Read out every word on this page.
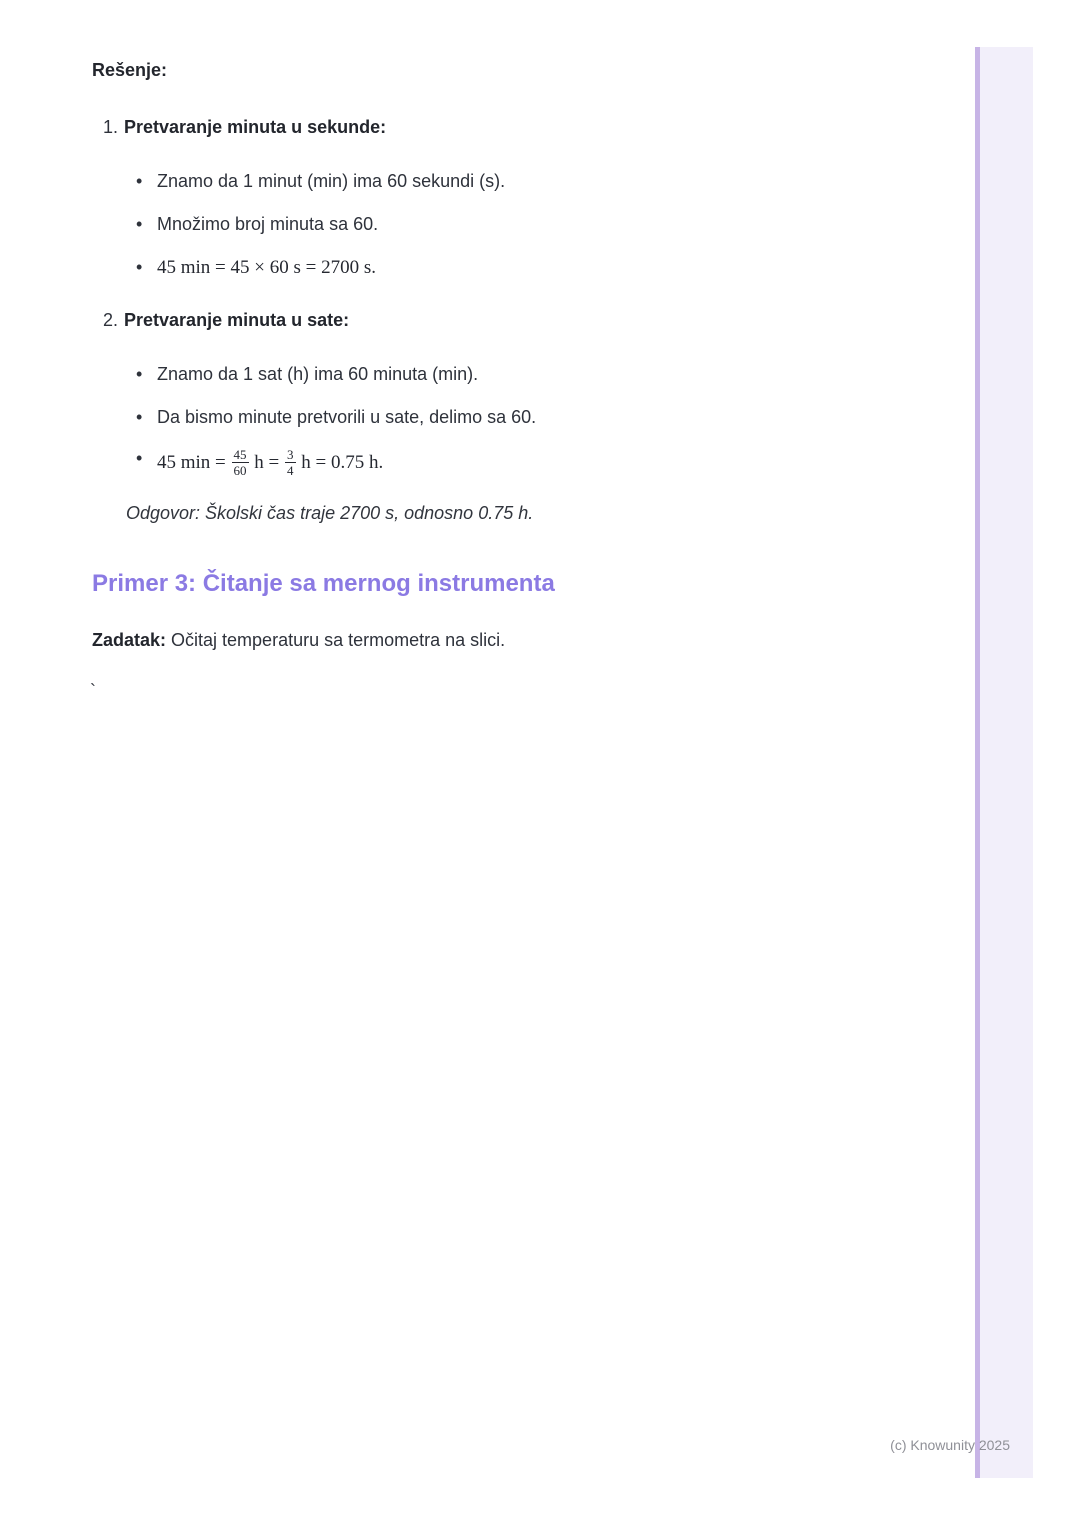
Rešenje:

1. Pretvaranje minuta u sekunde:

• Znamo da 1 minut (min) ima 60 sekundi (s).
• Množimo broj minuta sa 60.
• 45 min = 45 × 60 s = 2700 s.

2. Pretvaranje minuta u sate:

• Znamo da 1 sat (h) ima 60 minuta (min).
• Da bismo minute pretvorili u sate, delimo sa 60.
• 45 $\min = \frac{45}{60}$ $h = \frac{3}{4}$ h = 0.75 h.

Odgovor: Školski čas traje 2700 s, odnosno 0.75 h.

Primer 3: Čitanje sa mernog instrumenta

Zadatak: Očitaj temperaturu sa termometra na slici.

`

(c) Knowunity 2025
